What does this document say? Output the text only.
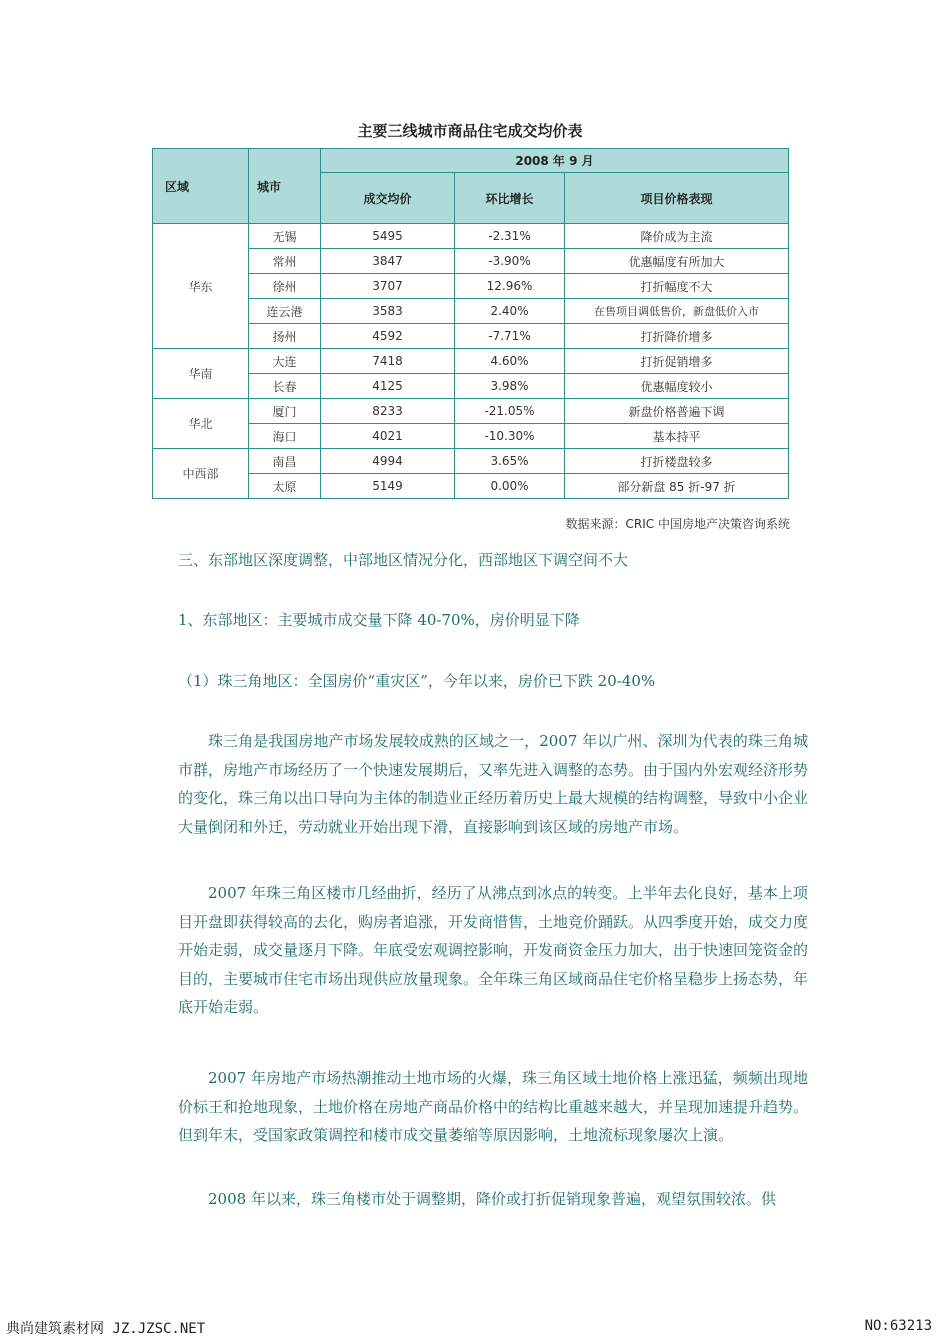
主要三线城市商品住宅成交均价表
区域	城市	2008 年 9 月		
		成交均价	环比增长	项目价格表现
华东	无锡	5495	-2.31%	降价成为主流
	常州	3847	-3.90%	优惠幅度有所加大
	徐州	3707	12.96%	打折幅度不大
	连云港	3583	2.40%	在售项目调低售价，新盘低价入市
	扬州	4592	-7.71%	打折降价增多
华南	大连	7418	4.60%	打折促销增多
	长春	4125	3.98%	优惠幅度较小
华北	厦门	8233	-21.05%	新盘价格普遍下调
	海口	4021	-10.30%	基本持平
中西部	南昌	4994	3.65%	打折楼盘较多
	太原	5149	0.00%	部分新盘 85 折-97 折
数据来源：CRIC 中国房地产决策咨询系统
三、东部地区深度调整，中部地区情况分化，西部地区下调空间不大
1、东部地区：主要城市成交量下降 40-70%，房价明显下降
（1）珠三角地区：全国房价“重灾区”，今年以来，房价已下跌 20-40%
珠三角是我国房地产市场发展较成熟的区域之一，2007 年以广州、深圳为代表的珠三角城市群，房地产市场经历了一个快速发展期后，又率先进入调整的态势。由于国内外宏观经济形势的变化，珠三角以出口导向为主体的制造业正经历着历史上最大规模的结构调整，导致中小企业大量倒闭和外迁，劳动就业开始出现下滑，直接影响到该区域的房地产市场。
2007 年珠三角区楼市几经曲折，经历了从沸点到冰点的转变。上半年去化良好，基本上项目开盘即获得较高的去化，购房者追涨，开发商惜售，土地竞价踊跃。从四季度开始，成交力度开始走弱，成交量逐月下降。年底受宏观调控影响，开发商资金压力加大，出于快速回笼资金的目的，主要城市住宅市场出现供应放量现象。全年珠三角区域商品住宅价格呈稳步上扬态势，年底开始走弱。
2007 年房地产市场热潮推动土地市场的火爆，珠三角区域土地价格上涨迅猛，频频出现地价标王和抢地现象，土地价格在房地产商品价格中的结构比重越来越大，并呈现加速提升趋势。但到年末，受国家政策调控和楼市成交量萎缩等原因影响，土地流标现象屡次上演。
2008 年以来，珠三角楼市处于调整期，降价或打折促销现象普遍，观望氛围较浓。供
典尚建筑素材网 JZ.JZSC.NET	NO:63213
